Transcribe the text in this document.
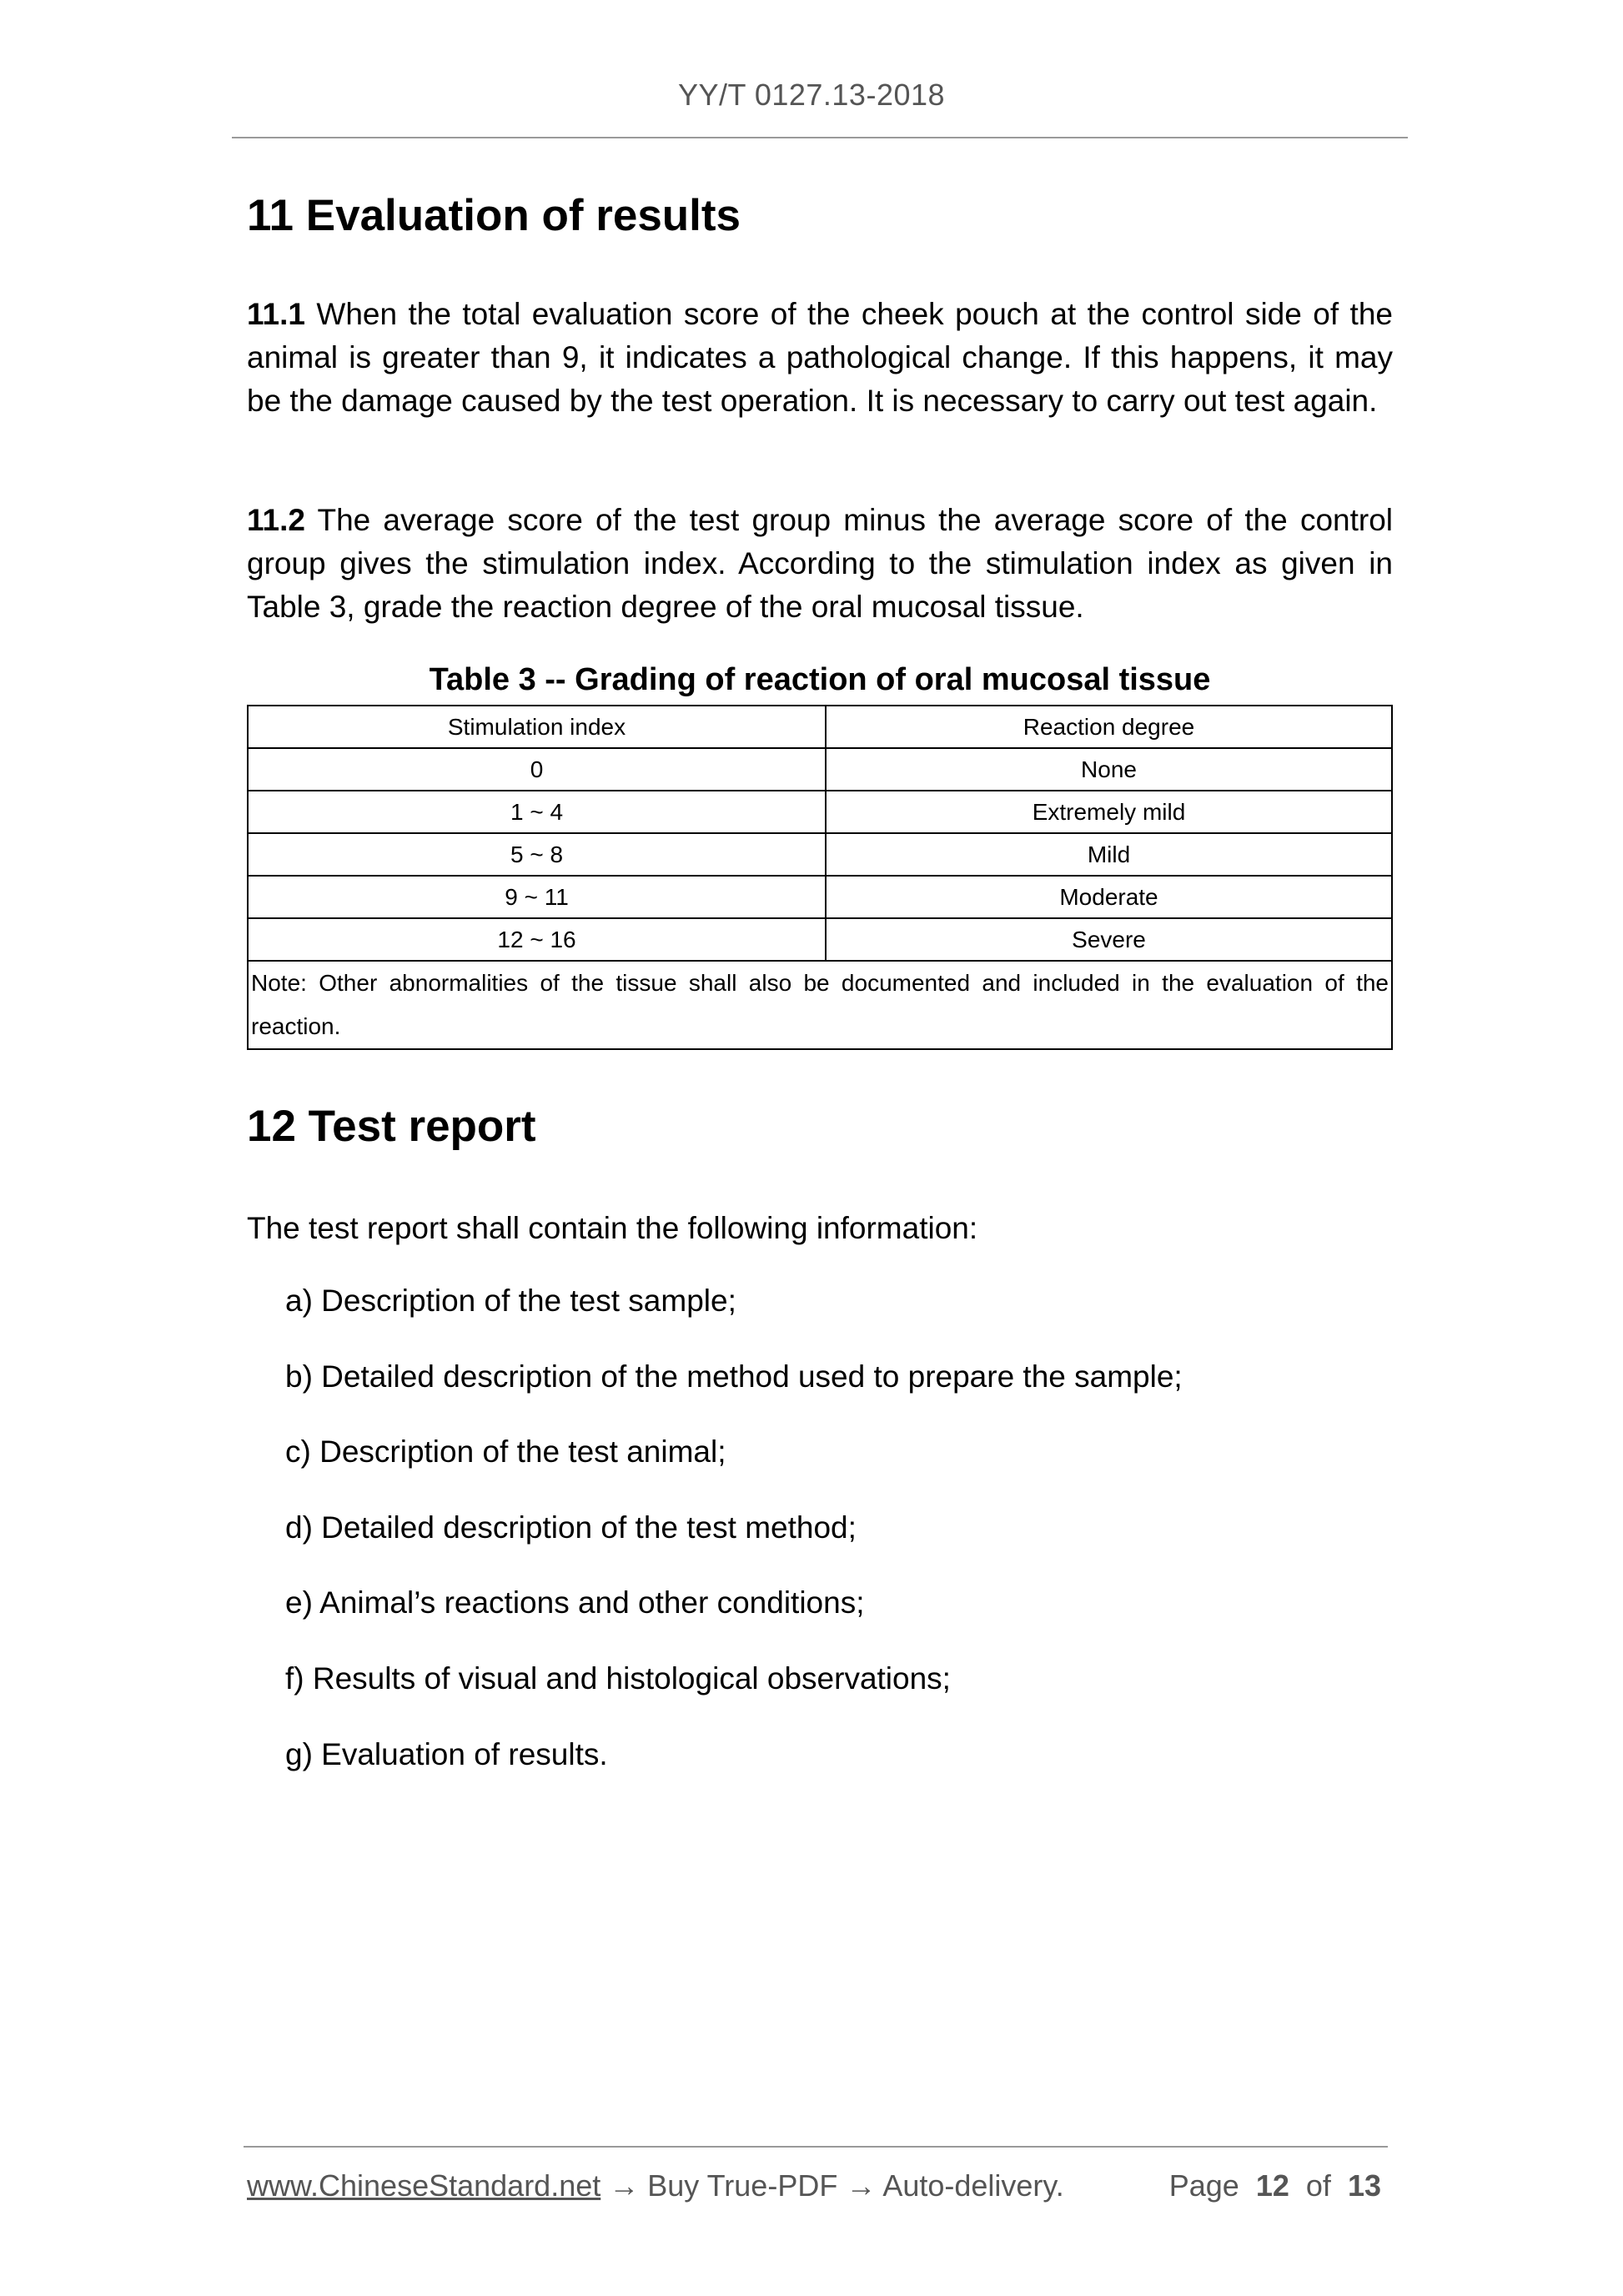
YY/T 0127.13-2018
11 Evaluation of results

11.1 When the total evaluation score of the cheek pouch at the control side of the animal is greater than 9, it indicates a pathological change. If this happens, it may be the damage caused by the test operation. It is necessary to carry out test again.

11.2 The average score of the test group minus the average score of the control group gives the stimulation index. According to the stimulation index as given in Table 3, grade the reaction degree of the oral mucosal tissue.

Table 3 -- Grading of reaction of oral mucosal tissue
Stimulation index	Reaction degree
0	None
1 ~ 4	Extremely mild
5 ~ 8	Mild
9 ~ 11	Moderate
12 ~ 16	Severe
Note: Other abnormalities of the tissue shall also be documented and included in the evaluation of the reaction.	
12 Test report

The test report shall contain the following information:

a) Description of the test sample;

b) Detailed description of the method used to prepare the sample;

c) Description of the test animal;

d) Detailed description of the test method;

e) Animal’s reactions and other conditions;

f) Results of visual and histological observations;

g) Evaluation of results.

www.ChineseStandard.net → Buy True-PDF → Auto-delivery.	Page 12 of 13
